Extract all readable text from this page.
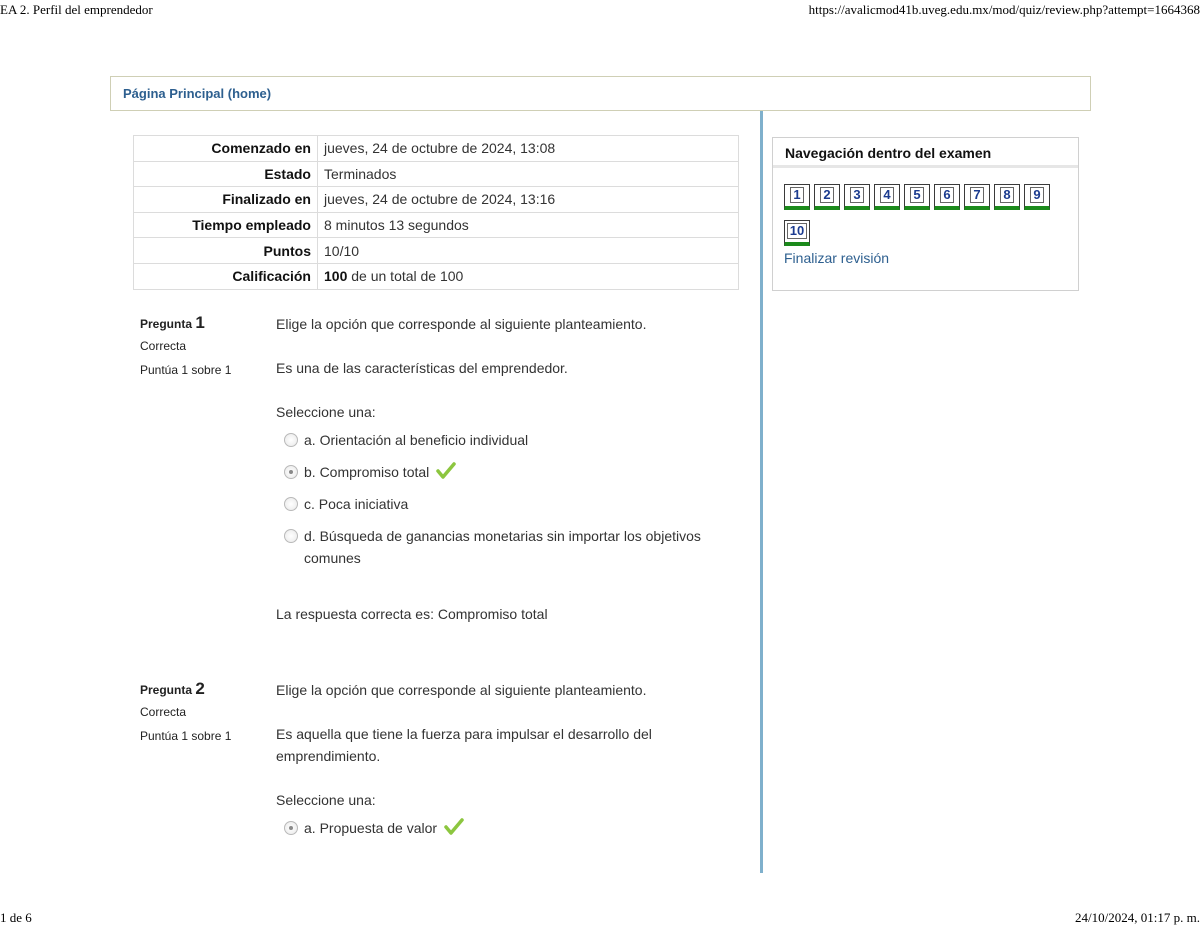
EA 2. Perfil del emprendedor	https://avalicmod41b.uveg.edu.mx/mod/quiz/review.php?attempt=1664368
Página Principal (home)
Comenzado en	jueves, 24 de octubre de 2024, 13:08
Estado	Terminados
Finalizado en	jueves, 24 de octubre de 2024, 13:16
Tiempo empleado	8 minutos 13 segundos
Puntos	10/10
Calificación	100 de un total de 100
Pregunta 1
Correcta
Puntúa 1 sobre 1

Elige la opción que corresponde al siguiente planteamiento.

Es una de las características del emprendedor.

Seleccione una:

a. Orientación al beneficio individual
b. Compromiso total
c. Poca iniciativa
d. Búsqueda de ganancias monetarias sin importar los objetivos comunes

La respuesta correcta es: Compromiso total

Pregunta 2
Correcta
Puntúa 1 sobre 1

Elige la opción que corresponde al siguiente planteamiento.

Es aquella que tiene la fuerza para impulsar el desarrollo del emprendimiento.

Seleccione una:

a. Propuesta de valor
Navegación dentro del examen
1	2	3	4	5	6	7	8	9
10
Finalizar revisión
1 de 6	24/10/2024, 01:17 p. m.
